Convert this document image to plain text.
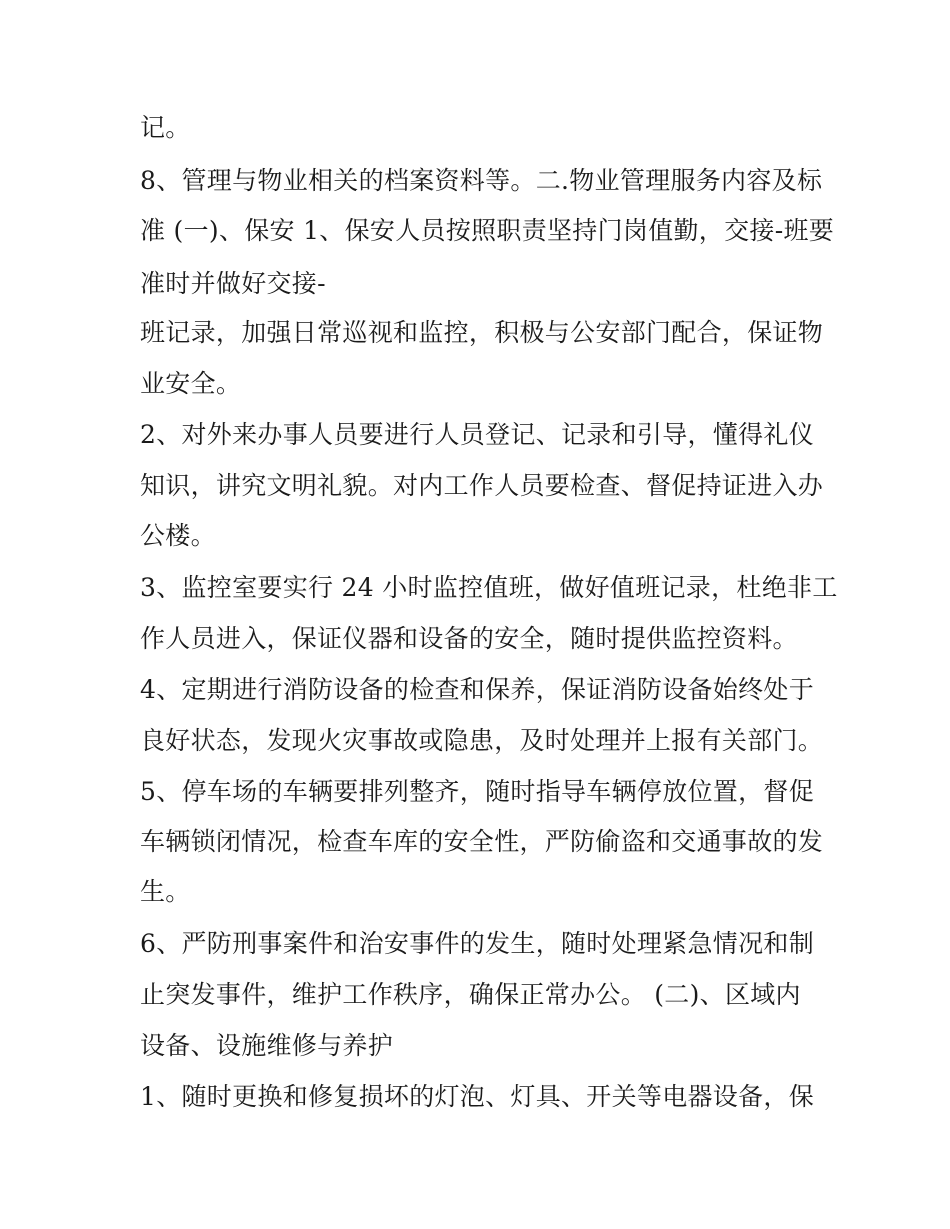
记。

8、管理与物业相关的档案资料等。二.物业管理服务内容及标

准 (一)、保安 1、保安人员按照职责坚持门岗值勤，交接-班要

准时并做好交接-

班记录，加强日常巡视和监控，积极与公安部门配合，保证物

业安全。

2、对外来办事人员要进行人员登记、记录和引导，懂得礼仪

知识，讲究文明礼貌。对内工作人员要检查、督促持证进入办

公楼。

3、监控室要实行 24 小时监控值班，做好值班记录，杜绝非工

作人员进入，保证仪器和设备的安全，随时提供监控资料。

4、定期进行消防设备的检查和保养，保证消防设备始终处于

良好状态，发现火灾事故或隐患，及时处理并上报有关部门。

5、停车场的车辆要排列整齐，随时指导车辆停放位置，督促

车辆锁闭情况，检查车库的安全性，严防偷盗和交通事故的发

生。

6、严防刑事案件和治安事件的发生，随时处理紧急情况和制

止突发事件，维护工作秩序，确保正常办公。 (二)、区域内

设备、设施维修与养护

1、随时更换和修复损坏的灯泡、灯具、开关等电器设备，保
